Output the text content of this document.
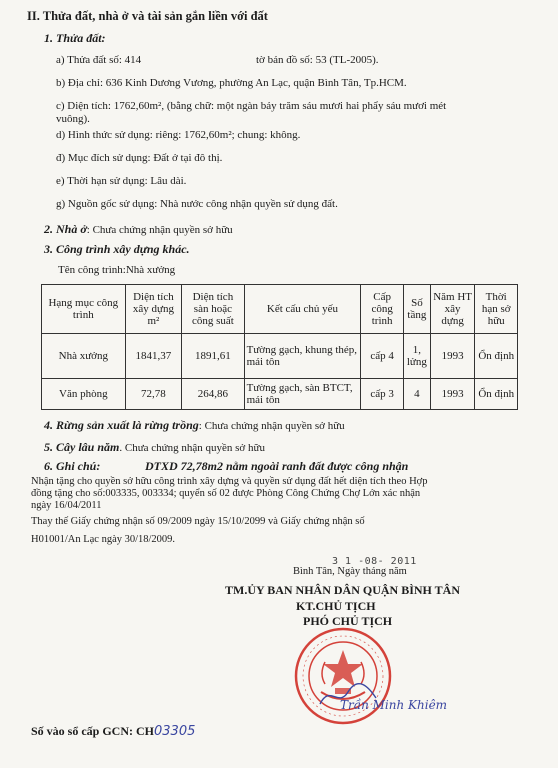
II. Thửa đất, nhà ở và tài sản gắn liền với đất
1. Thửa đất:
a) Thửa đất số: 414	tờ bản đồ số: 53 (TL-2005).
b) Địa chỉ: 636 Kinh Dương Vương, phường An Lạc, quận Bình Tân, Tp.HCM.
c) Diện tích: 1762,60m², (bằng chữ: một ngàn bảy trăm sáu mươi hai phẩy sáu mươi mét
vuông).
d) Hình thức sử dụng: riêng: 1762,60m²; chung: không.
đ) Mục đích sử dụng: Đất ở tại đô thị.
e) Thời hạn sử dụng: Lâu dài.
g) Nguồn gốc sử dụng: Nhà nước công nhận quyền sử dụng đất.
2. Nhà ở: Chưa chứng nhận quyền sở hữu
3. Công trình xây dựng khác.
Tên công trình:Nhà xưởng
Hạng mục công trình	Diện tích xây dựng m²	Diện tích sàn hoặc công suất	Kết cấu chủ yếu	Cấp công trình	Số tầng	Năm HT xây dựng	Thời hạn sở hữu
Nhà xưởng	1841,37	1891,61	Tường gạch, khung thép, mái tôn	cấp 4	1, lửng	1993	Ổn định
Văn phòng	72,78	264,86	Tường gạch, sàn BTCT, mái tôn	cấp 3	4	1993	Ổn định
4. Rừng sản xuất là rừng trồng: Chưa chứng nhận quyền sở hữu
5. Cây lâu năm. Chưa chứng nhận quyền sở hữu
6. Ghi chú:	DTXD 72,78m2 nằm ngoài ranh đất được công nhận
Nhận tặng cho quyền sở hữu công trình xây dựng và quyền sử dụng đất hết diện tích theo Hợp
đồng tặng cho số:003335, 003334; quyển số 02 được Phòng Công Chứng Chợ Lớn xác nhận
ngày 16/04/2011
Thay thế Giấy chứng nhận số 09/2009 ngày 15/10/2099 và Giấy chứng nhận số
H01001/An Lạc ngày 30/18/2009.
3 1 -08- 2011
Bình Tân, Ngày tháng năm
TM.ỦY BAN NHÂN DÂN QUẬN BÌNH TÂN
KT.CHỦ TỊCH
PHÓ CHỦ TỊCH
Trần Minh Khiêm
Số vào sổ cấp GCN: CH03305
